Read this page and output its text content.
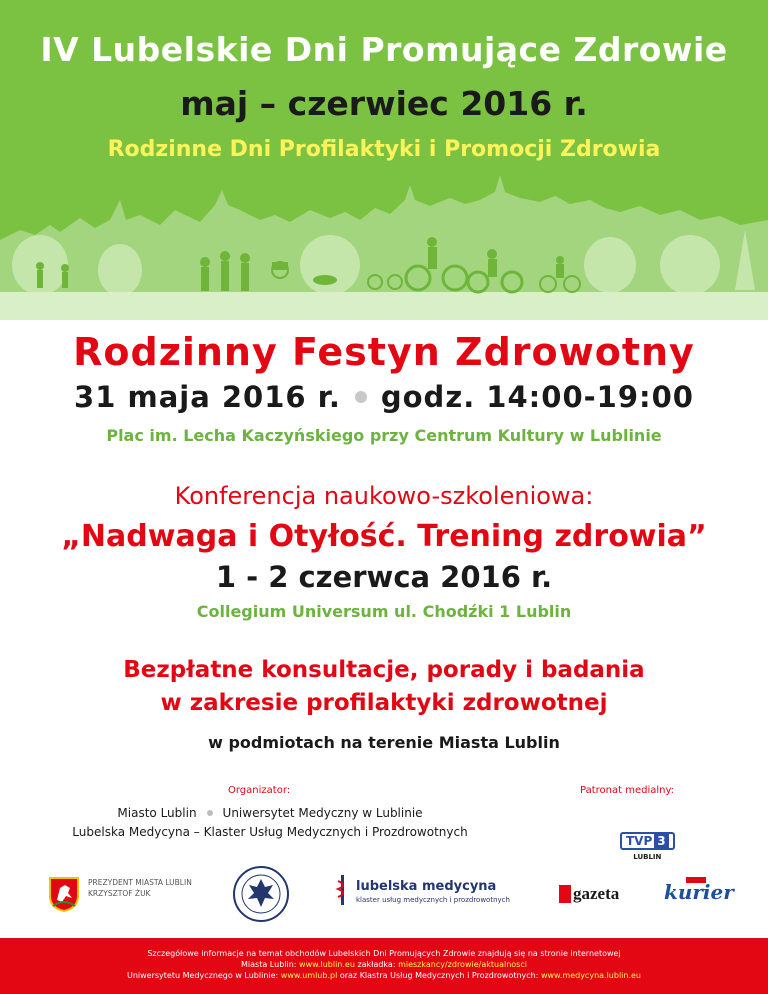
IV Lubelskie Dni Promujące Zdrowie
maj – czerwiec 2016 r.
Rodzinne Dni Profilaktyki i Promocji Zdrowia
Rodzinny Festyn Zdrowotny
31 maja 2016 r. godz. 14:00-19:00
Plac im. Lecha Kaczyńskiego przy Centrum Kultury w Lublinie
Konferencja naukowo-szkoleniowa:
„Nadwaga i Otyłość. Trening zdrowia”
1 - 2 czerwca 2016 r.
Collegium Universum ul. Chodźki 1 Lublin
Bezpłatne konsultacje, porady i badania
w zakresie profilaktyki zdrowotnej
w podmiotach na terenie Miasta Lublin
Organizator:	Patronat medialny:
Miasto Lublin Uniwersytet Medyczny w Lublinie
Lubelska Medycyna – Klaster Usług Medycznych i Prozdrowotnych
TVP 3
LUBLIN
PREZYDENT MIASTA LUBLIN
KRZYSZTOF ŻUK	lubelska medycyna
klaster usług medycznych i prozdrowotnych	gazeta kurier
Szczegółowe informacje na temat obchodów Lubelskich Dni Promujących Zdrowie znajdują się na stronie internetowej
Miasta Lublin: www.lublin.eu zakładka: mieszkancy/zdrowie/aktualnosci
Uniwersytetu Medycznego w Lublinie: www.umlub.pl oraz Klastra Usług Medycznych i Prozdrowotnych: www.medycyna.lublin.eu
